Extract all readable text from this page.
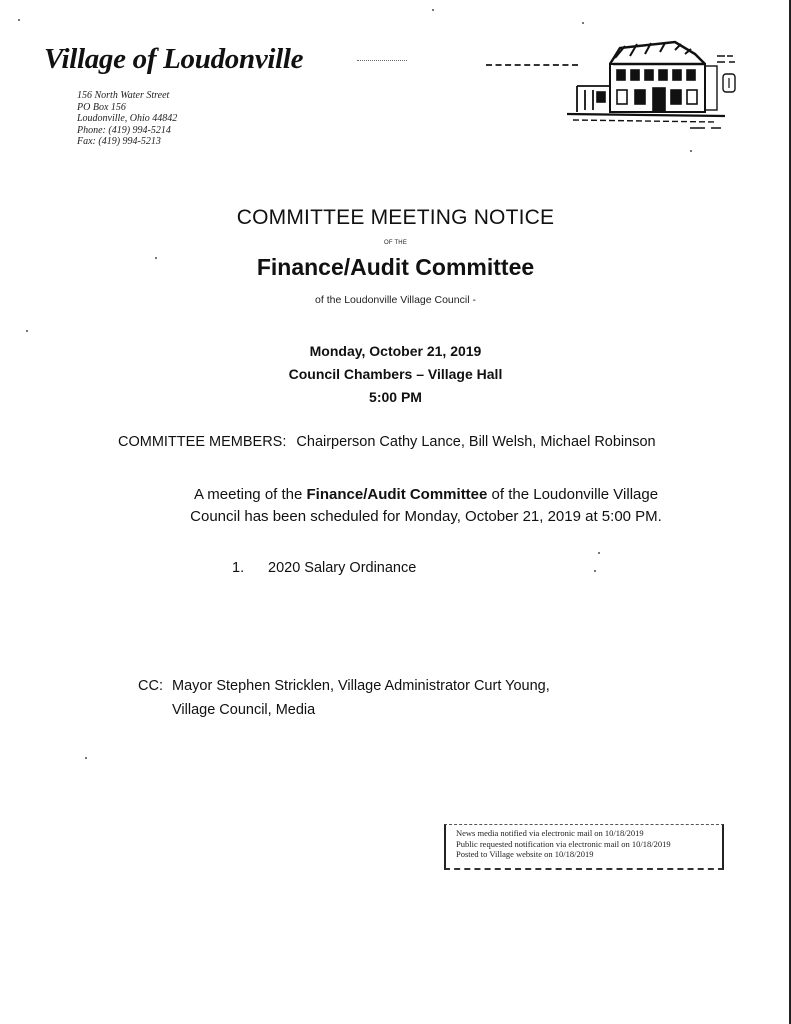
Village of Loudonville
156 North Water Street
PO Box 156
Loudonville, Ohio 44842
Phone: (419) 994-5214
Fax: (419) 994-5213
COMMITTEE MEETING NOTICE
OF THE
Finance/Audit Committee
of the Loudonville Village Council -
Monday, October 21, 2019
Council Chambers – Village Hall
5:00 PM
COMMITTEE MEMBERS: Chairperson Cathy Lance, Bill Welsh, Michael Robinson
A meeting of the Finance/Audit Committee of the Loudonville Village
Council has been scheduled for Monday, October 21, 2019 at 5:00 PM.
1. 2020 Salary Ordinance
CC: Mayor Stephen Stricklen, Village Administrator Curt Young,
Village Council, Media
News media notified via electronic mail on 10/18/2019
Public requested notification via electronic mail on 10/18/2019
Posted to Village website on 10/18/2019
